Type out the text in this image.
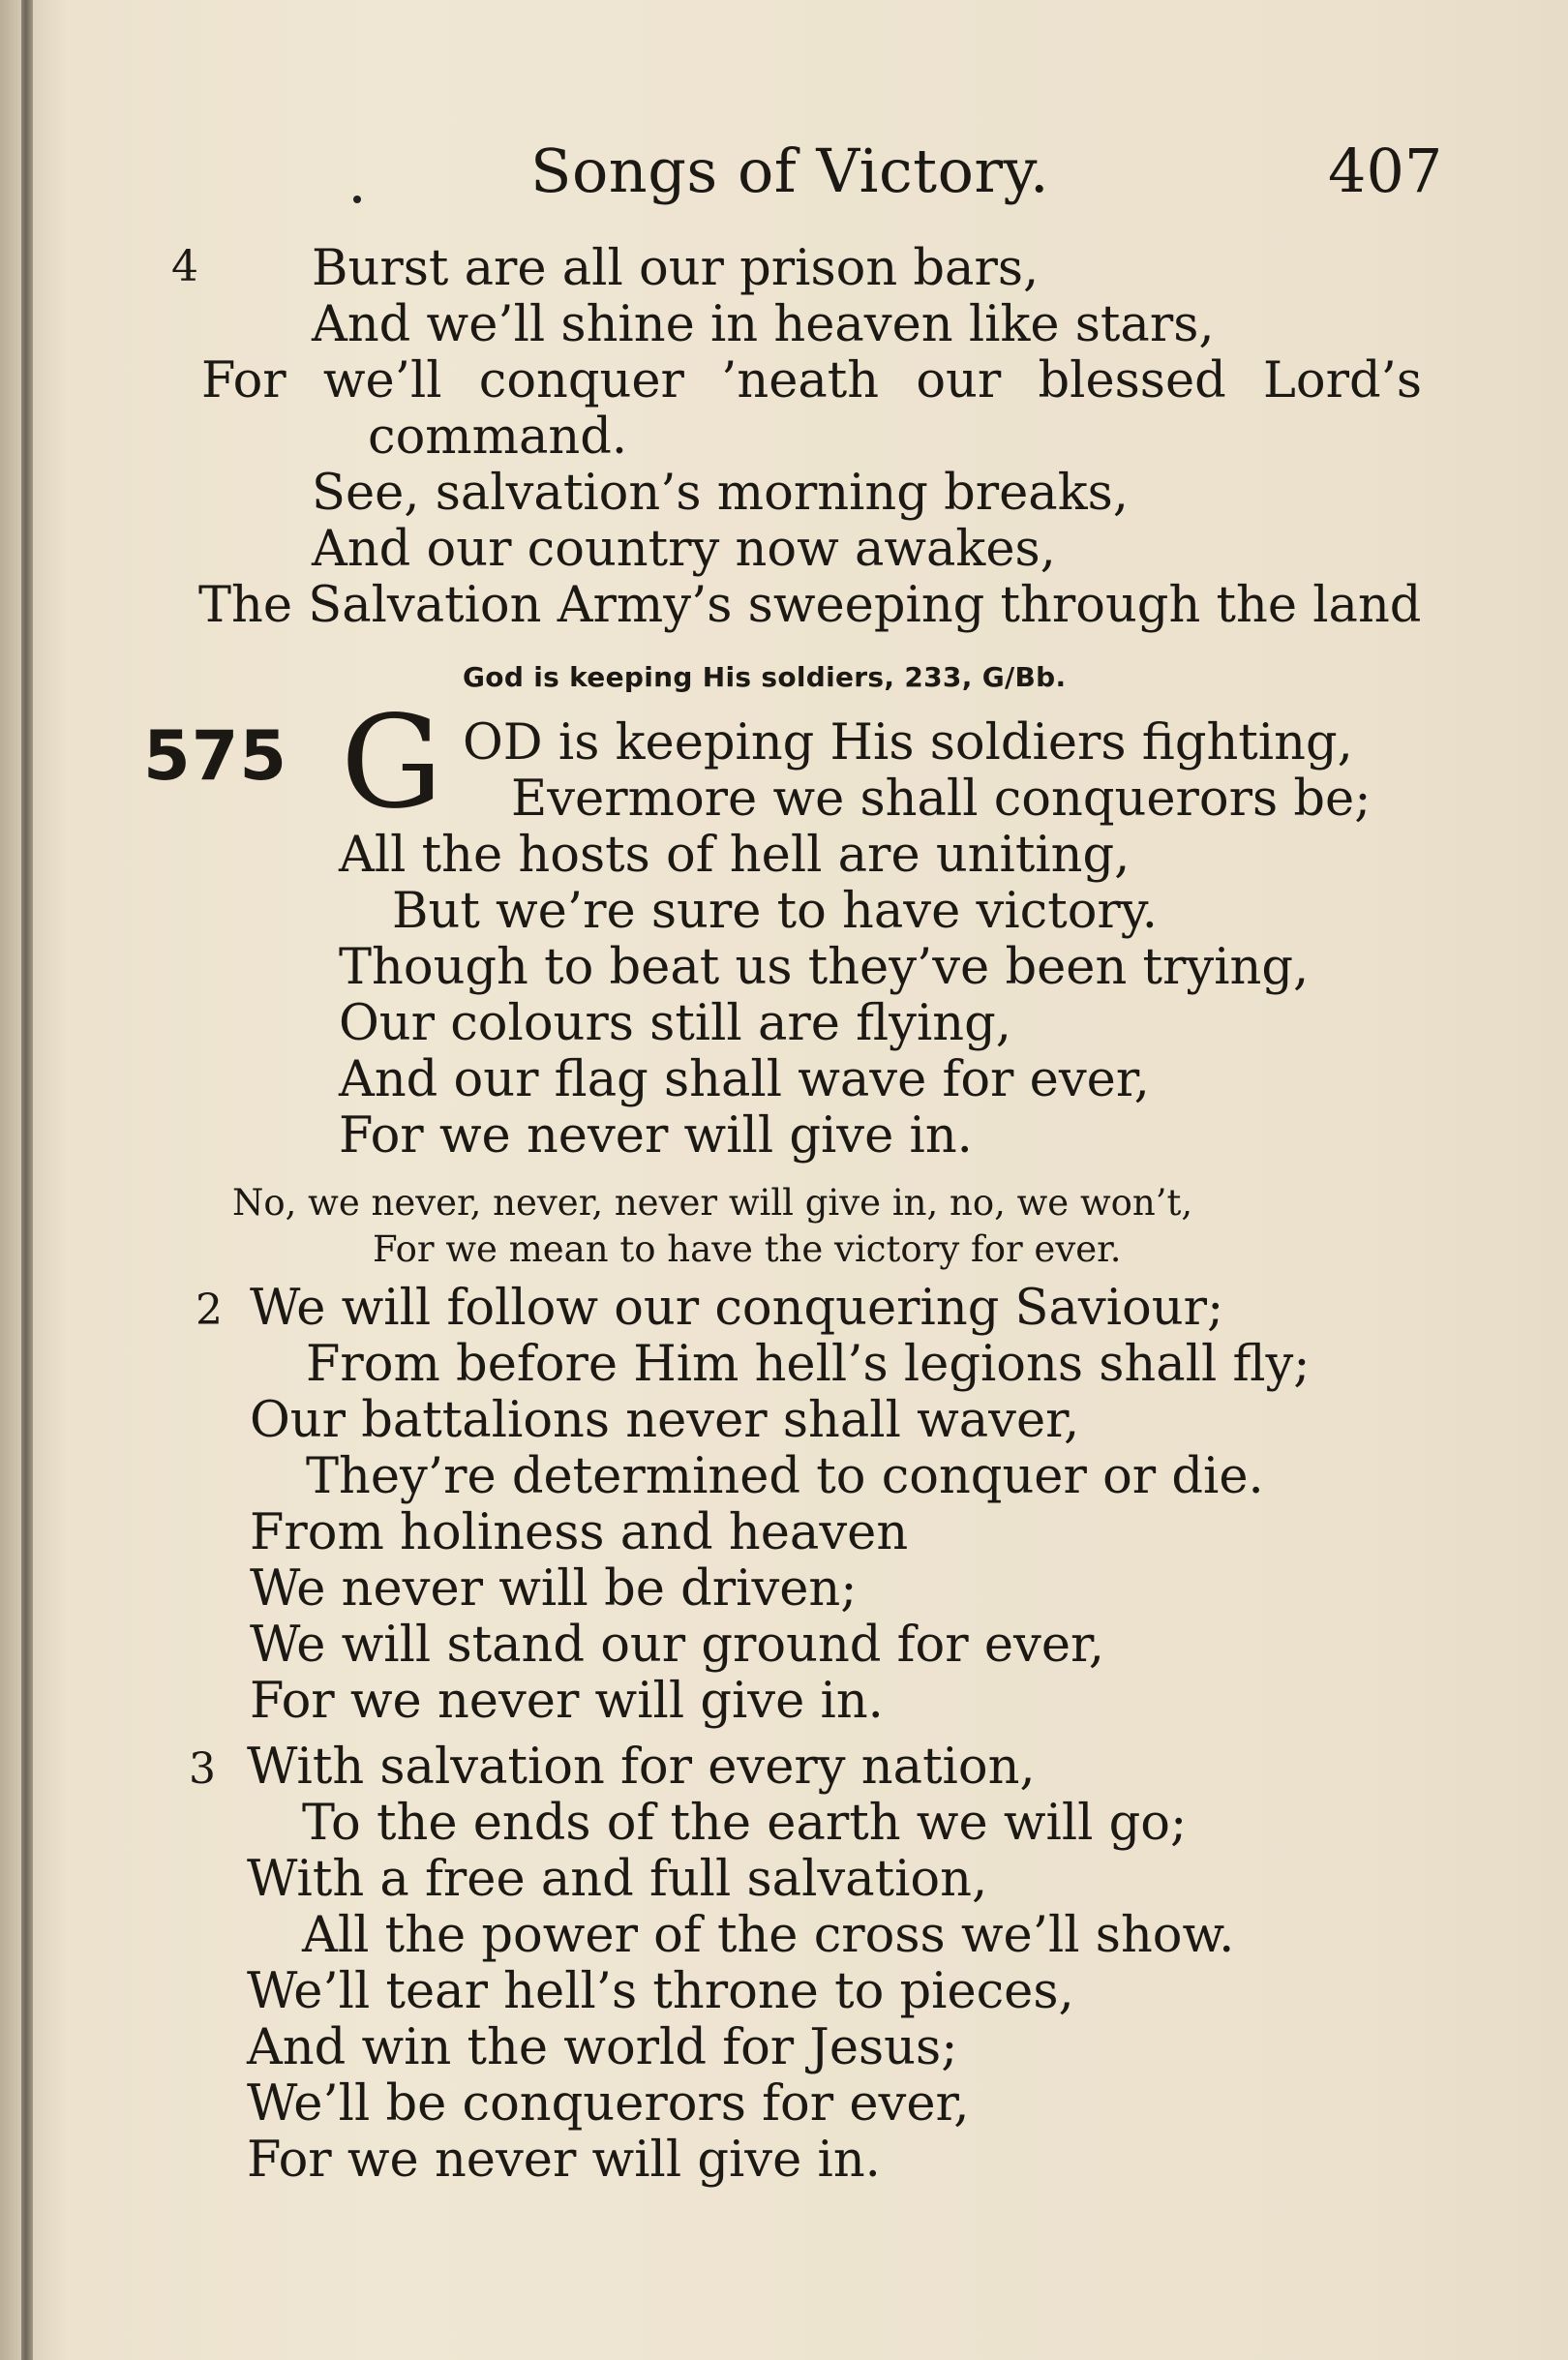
Songs of Victory.	407
4 Burst are all our prison bars,
And we’ll shine in heaven like stars,
For we’ll conquer ’neath our blessed Lord’s
command.
See, salvation’s morning breaks,
And our country now awakes,
The Salvation Army’s sweeping through the land
God is keeping His soldiers, 233, G/Bb.
575 G OD is keeping His soldiers fighting,
Evermore we shall conquerors be;
All the hosts of hell are uniting,
But we’re sure to have victory.
Though to beat us they’ve been trying,
Our colours still are flying,
And our flag shall wave for ever,
For we never will give in.
No, we never, never, never will give in, no, we won’t,
For we mean to have the victory for ever.
2 We will follow our conquering Saviour;
From before Him hell’s legions shall fly;
Our battalions never shall waver,
They’re determined to conquer or die.
From holiness and heaven
We never will be driven;
We will stand our ground for ever,
For we never will give in.
3 With salvation for every nation,
To the ends of the earth we will go;
With a free and full salvation,
All the power of the cross we’ll show.
We’ll tear hell’s throne to pieces,
And win the world for Jesus;
We’ll be conquerors for ever,
For we never will give in.
